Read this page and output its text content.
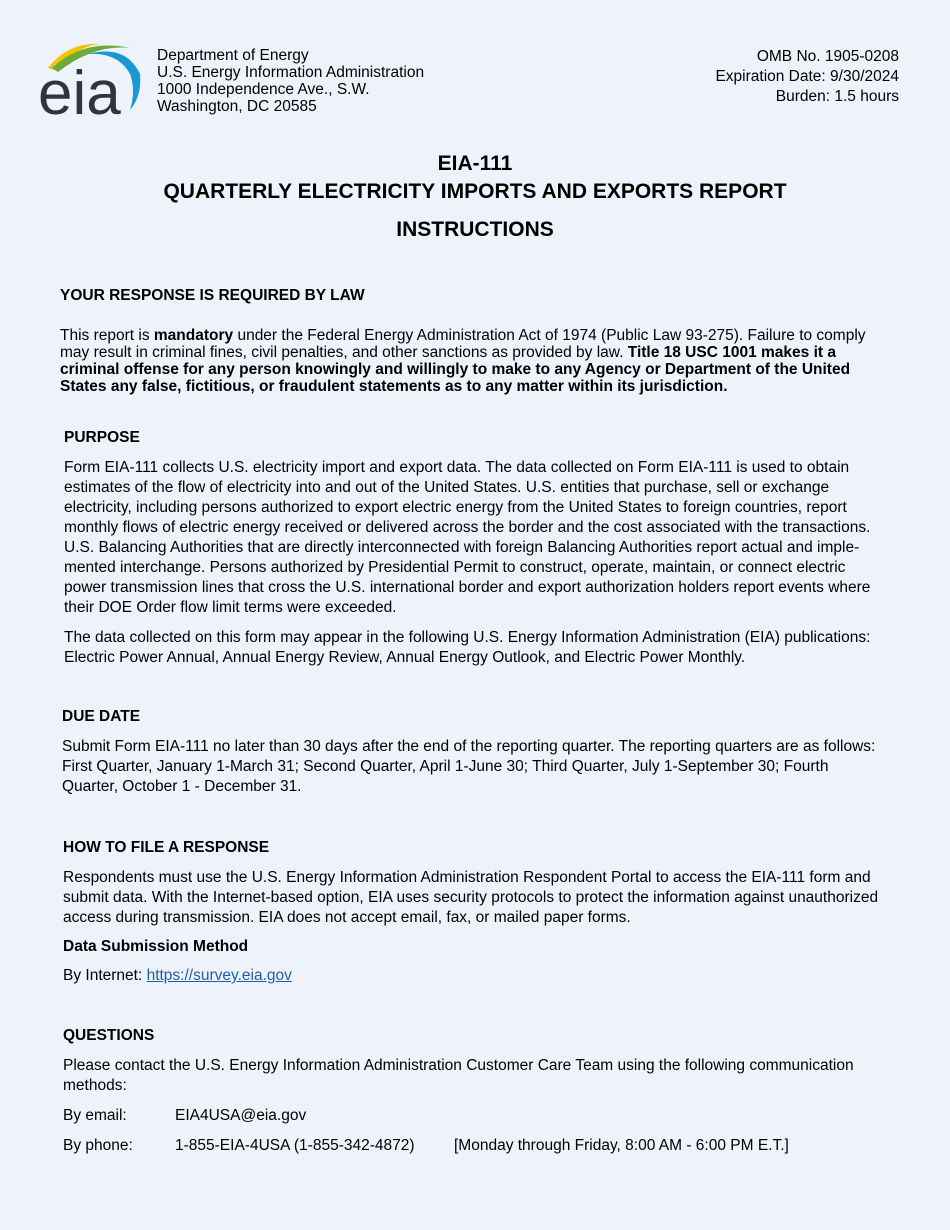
eia
Department of Energy
U.S. Energy Information Administration
1000 Independence Ave., S.W.
Washington, DC 20585
OMB No. 1905-0208
Expiration Date: 9/30/2024
Burden: 1.5 hours
EIA-111
QUARTERLY ELECTRICITY IMPORTS AND EXPORTS REPORT
INSTRUCTIONS
YOUR RESPONSE IS REQUIRED BY LAW

This report is mandatory under the Federal Energy Administration Act of 1974 (Public Law 93-275). Failure to comply may result in criminal fines, civil penalties, and other sanctions as provided by law. Title 18 USC 1001 makes it a criminal offense for any person knowingly and willingly to make to any Agency or Department of the United States any false, fictitious, or fraudulent statements as to any matter within its jurisdiction.

PURPOSE

Form EIA-111 collects U.S. electricity import and export data. The data collected on Form EIA-111 is used to obtain estimates of the flow of electricity into and out of the United States. U.S. entities that purchase, sell or exchange electricity, including persons authorized to export electric energy from the United States to foreign countries, report monthly flows of electric energy received or delivered across the border and the cost associated with the transactions. U.S. Balancing Authorities that are directly interconnected with foreign Balancing Authorities report actual and imple-mented interchange. Persons authorized by Presidential Permit to construct, operate, maintain, or connect electric power transmission lines that cross the U.S. international border and export authorization holders report events where their DOE Order flow limit terms were exceeded.

The data collected on this form may appear in the following U.S. Energy Information Administration (EIA) publications: Electric Power Annual, Annual Energy Review, Annual Energy Outlook, and Electric Power Monthly.

DUE DATE

Submit Form EIA-111 no later than 30 days after the end of the reporting quarter. The reporting quarters are as follows: First Quarter, January 1-March 31; Second Quarter, April 1-June 30; Third Quarter, July 1-September 30; Fourth Quarter, October 1 - December 31.

HOW TO FILE A RESPONSE

Respondents must use the U.S. Energy Information Administration Respondent Portal to access the EIA-111 form and submit data. With the Internet-based option, EIA uses security protocols to protect the information against unauthorized access during transmission. EIA does not accept email, fax, or mailed paper forms.

Data Submission Method

By Internet: https://survey.eia.gov

QUESTIONS

Please contact the U.S. Energy Information Administration Customer Care Team using the following communication methods:

By email:	EIA4USA@eia.gov
By phone:	1-855-EIA-4USA (1-855-342-4872)	[Monday through Friday, 8:00 AM - 6:00 PM E.T.]
